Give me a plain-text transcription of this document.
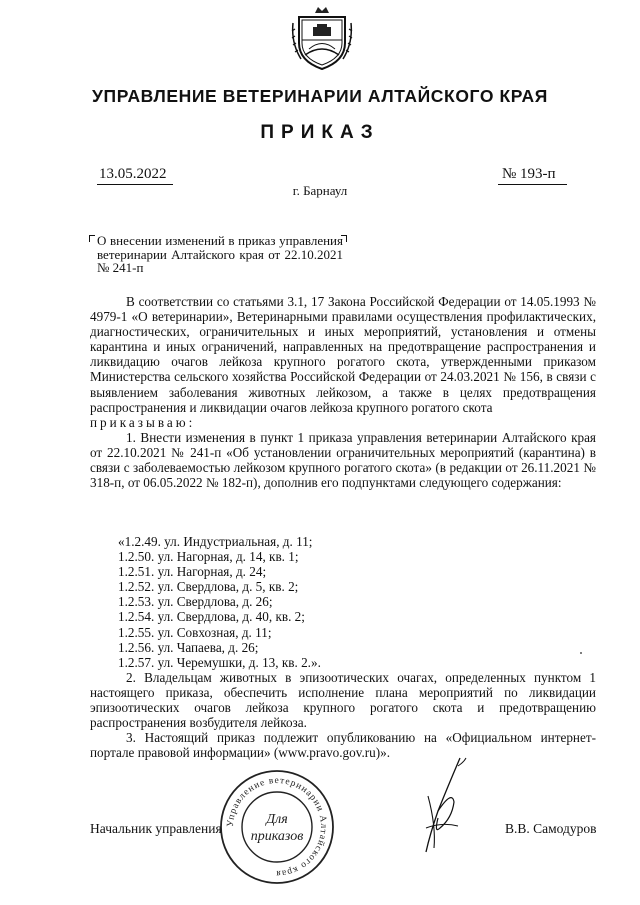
УПРАВЛЕНИЕ ВЕТЕРИНАРИИ АЛТАЙСКОГО КРАЯ
ПРИКАЗ
13.05.2022	№ 193-п
г. Барнаул
О внесении изменений в приказ управления ветеринарии Алтайского края от 22.10.2021 № 241-п

В соответствии со статьями 3.1, 17 Закона Российской Федерации от 14.05.1993 № 4979-1 «О ветеринарии», Ветеринарными правилами осуществления профилактических, диагностических, ограничительных и иных мероприятий, установления и отмены карантина и иных ограничений, направленных на предотвращение распространения и ликвидацию очагов лейкоза крупного рогатого скота, утвержденными приказом Министерства сельского хозяйства Российской Федерации от 24.03.2021 № 156, в связи с выявлением заболевания животных лейкозом, а также в целях предотвращения распространения и ликвидации очагов лейкоза крупного рогатого скота

приказываю:

1. Внести изменения в пункт 1 приказа управления ветеринарии Алтайского края от 22.10.2021 № 241-п «Об установлении ограничительных мероприятий (карантина) в связи с заболеваемостью лейкозом крупного рогатого скота» (в редакции от 26.11.2021 № 318-п, от 06.05.2022 № 182-п), дополнив его подпунктами следующего содержания:

«1.2.49. ул. Индустриальная, д. 11;
1.2.50. ул. Нагорная, д. 14, кв. 1;
1.2.51. ул. Нагорная, д. 24;
1.2.52. ул. Свердлова, д. 5, кв. 2;
1.2.53. ул. Свердлова, д. 26;
1.2.54. ул. Свердлова, д. 40, кв. 2;
1.2.55. ул. Совхозная, д. 11;
1.2.56. ул. Чапаева, д. 26;
1.2.57. ул. Черемушки, д. 13, кв. 2.».

2. Владельцам животных в эпизоотических очагах, определенных пунктом 1 настоящего приказа, обеспечить исполнение плана мероприятий по ликвидации эпизоотических очагов лейкоза крупного рогатого скота и предотвращению распространения возбудителя лейкоза.

3. Настоящий приказ подлежит опубликованию на «Официальном интернет-портале правовой информации» (www.pravo.gov.ru)».

Начальник управления	В.В. Самодуров
Управление ветеринарии Алтайского края
Для
приказов
